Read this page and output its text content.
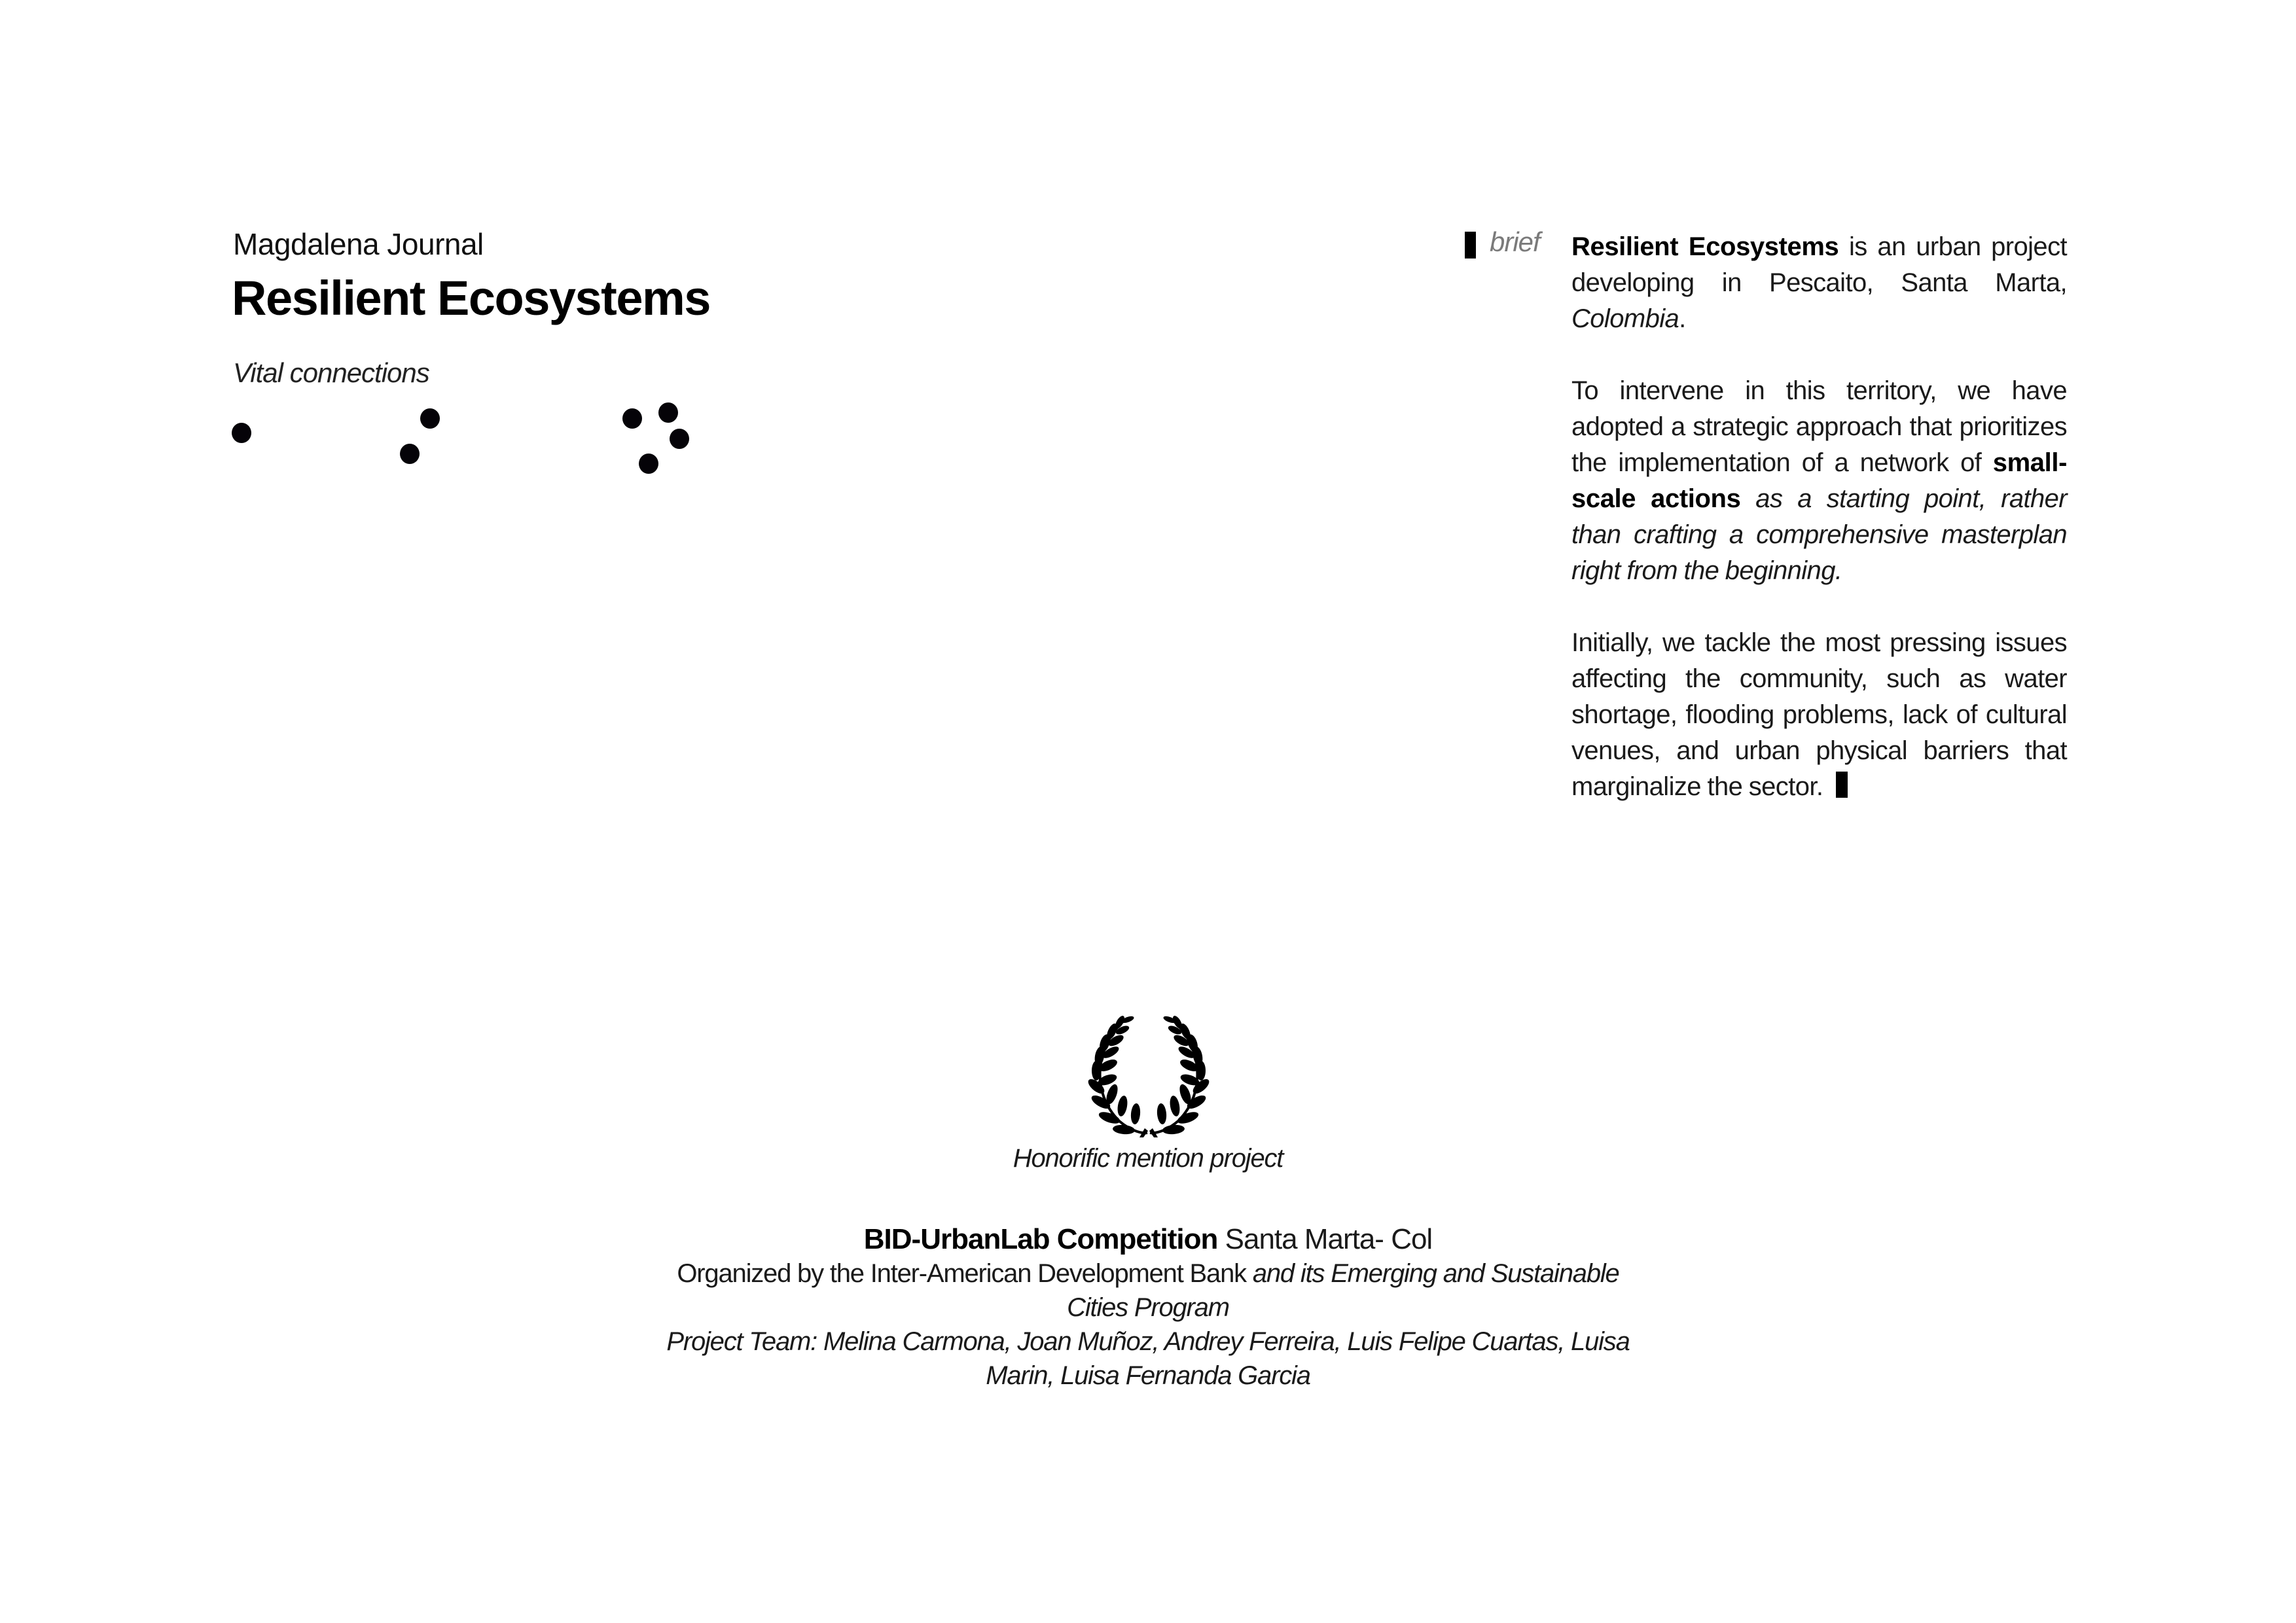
Magdalena Journal
Resilient Ecosystems
Vital connections
brief Resilient Ecosystems is an urban project developing in Pescaito, Santa Marta, Colombia.

To intervene in this territory, we have adopted a strategic approach that prioritizes the implementation of a network of small-scale actions as a starting point, rather than crafting a comprehensive masterplan right from the beginning.

Initially, we tackle the most pressing issues affecting the community, such as water shortage, flooding problems, lack of cultural venues, and urban physical barriers that marginalize the sector.

Honorific mention project
BID-UrbanLab Competition Santa Marta- Col
Organized by the Inter-American Development Bank and its Emerging and Sustainable Cities Program
Project Team: Melina Carmona, Joan Muñoz, Andrey Ferreira, Luis Felipe Cuartas, Luisa Marin, Luisa Fernanda Garcia
